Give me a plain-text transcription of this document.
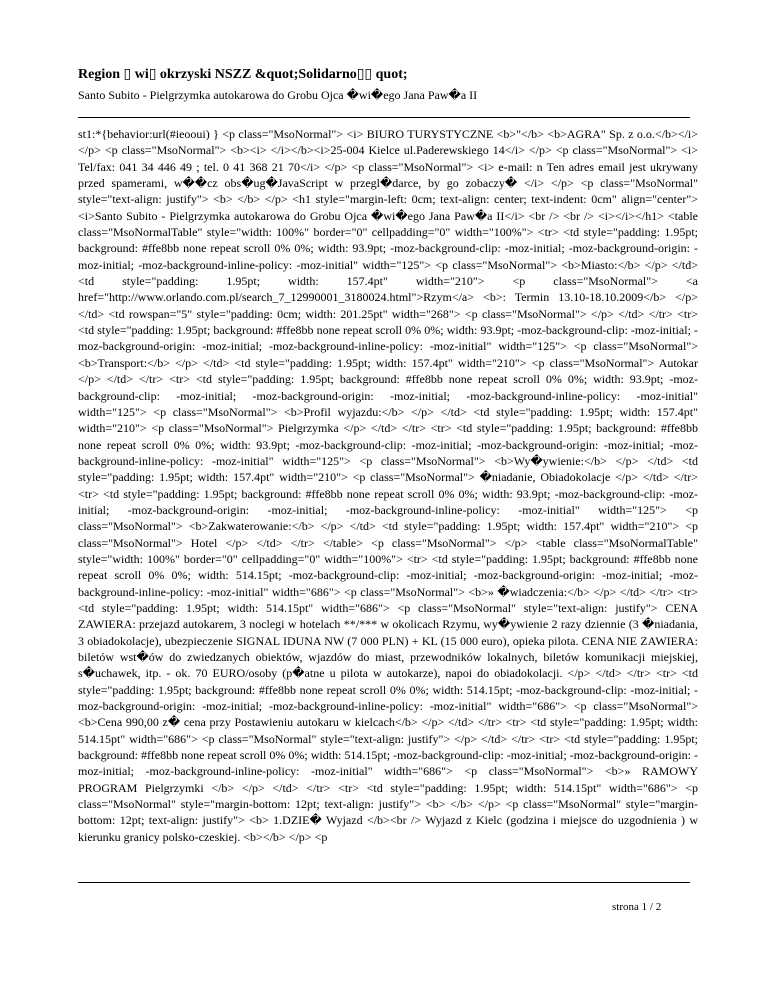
Region ▯ wi▯ okrzyski NSZZ &quot;Solidarno▯▯ quot;
Santo Subito - Pielgrzymka autokarowa do Grobu Ojca �wi�ego Jana Paw�a II
st1:*{behavior:url(#ieooui) } <p class="MsoNormal"> <i> BIURO TURYSTYCZNE <b>"</b> <b>AGRA" Sp. z o.o.</b></i> </p> <p class="MsoNormal"> <b><i> </i></b><i>25-004 Kielce ul.Paderewskiego 14</i> </p> <p class="MsoNormal"> <i> Tel/fax: 041 34 446 49 ; tel. 0 41 368 21 70</i> </p> <p class="MsoNormal"> <i> e-mail: n Ten adres email jest ukrywany przed spamerami, w��cz obs�ug�JavaScript w przegl�darce, by go zobaczy� </i> </p> <p class="MsoNormal" style="text-align: justify"> <b> </b> </p> <h1 style="margin-left: 0cm; text-align: center; text-indent: 0cm" align="center"><i>Santo Subito - Pielgrzymka autokarowa do Grobu Ojca �wi�ego Jana Paw�a II</i> <br /> <br /> <i></i></h1> <table class="MsoNormalTable" style="width: 100%" border="0" cellpadding="0" width="100%"> <tr> <td style="padding: 1.95pt; background: #ffe8bb none repeat scroll 0% 0%; width: 93.9pt; -moz-background-clip: -moz-initial; -moz-background-origin: -moz-initial; -moz-background-inline-policy: -moz-initial" width="125"> <p class="MsoNormal"> <b>Miasto:</b> </p> </td> <td style="padding: 1.95pt; width: 157.4pt" width="210"> <p class="MsoNormal"> <a href="http://www.orlando.com.pl/search_7_12990001_3180024.html">Rzym</a> <b>: Termin 13.10-18.10.2009</b> </p> </td> <td rowspan="5" style="padding: 0cm; width: 201.25pt" width="268"> <p class="MsoNormal"> </p> </td> </tr> <tr> <td style="padding: 1.95pt; background: #ffe8bb none repeat scroll 0% 0%; width: 93.9pt; -moz-background-clip: -moz-initial; -moz-background-origin: -moz-initial; -moz-background-inline-policy: -moz-initial" width="125"> <p class="MsoNormal"> <b>Transport:</b> </p> </td> <td style="padding: 1.95pt; width: 157.4pt" width="210"> <p class="MsoNormal"> Autokar </p> </td> </tr> <tr> <td style="padding: 1.95pt; background: #ffe8bb none repeat scroll 0% 0%; width: 93.9pt; -moz-background-clip: -moz-initial; -moz-background-origin: -moz-initial; -moz-background-inline-policy: -moz-initial" width="125"> <p class="MsoNormal"> <b>Profil wyjazdu:</b> </p> </td> <td style="padding: 1.95pt; width: 157.4pt" width="210"> <p class="MsoNormal"> Pielgrzymka </p> </td> </tr> <tr> <td style="padding: 1.95pt; background: #ffe8bb none repeat scroll 0% 0%; width: 93.9pt; -moz-background-clip: -moz-initial; -moz-background-origin: -moz-initial; -moz-background-inline-policy: -moz-initial" width="125"> <p class="MsoNormal"> <b>Wy�ywienie:</b> </p> </td> <td style="padding: 1.95pt; width: 157.4pt" width="210"> <p class="MsoNormal"> �niadanie, Obiadokolacje </p> </td> </tr> <tr> <td style="padding: 1.95pt; background: #ffe8bb none repeat scroll 0% 0%; width: 93.9pt; -moz-background-clip: -moz-initial; -moz-background-origin: -moz-initial; -moz-background-inline-policy: -moz-initial" width="125"> <p class="MsoNormal"> <b>Zakwaterowanie:</b> </p> </td> <td style="padding: 1.95pt; width: 157.4pt" width="210"> <p class="MsoNormal"> Hotel </p> </td> </tr> </table> <p class="MsoNormal"> </p> <table class="MsoNormalTable" style="width: 100%" border="0" cellpadding="0" width="100%"> <tr> <td style="padding: 1.95pt; background: #ffe8bb none repeat scroll 0% 0%; width: 514.15pt; -moz-background-clip: -moz-initial; -moz-background-origin: -moz-initial; -moz-background-inline-policy: -moz-initial" width="686"> <p class="MsoNormal"> <b>» �wiadczenia:</b> </p> </td> </tr> <tr> <td style="padding: 1.95pt; width: 514.15pt" width="686"> <p class="MsoNormal" style="text-align: justify"> CENA ZAWIERA: przejazd autokarem, 3 noclegi w hotelach **/*** w okolicach Rzymu, wy�ywienie 2 razy dziennie (3 �niadania, 3 obiadokolacje), ubezpieczenie SIGNAL IDUNA NW (7 000 PLN) + KL (15 000 euro), opieka pilota. CENA NIE ZAWIERA: biletów wst�ów do zwiedzanych obiektów, wjazdów do miast, przewodników lokalnych, biletów komunikacji miejskiej, s�uchawek, itp. - ok. 70 EURO/osoby (p�atne u pilota w autokarze), napoi do obiadokolacji. </p> </td> </tr> <tr> <td style="padding: 1.95pt; background: #ffe8bb none repeat scroll 0% 0%; width: 514.15pt; -moz-background-clip: -moz-initial; -moz-background-origin: -moz-initial; -moz-background-inline-policy: -moz-initial" width="686"> <p class="MsoNormal"> <b>Cena 990,00 z� cena przy Postawieniu autokaru w kielcach</b> </p> </td> </tr> <tr> <td style="padding: 1.95pt; width: 514.15pt" width="686"> <p class="MsoNormal" style="text-align: justify"> </p> </td> </tr> <tr> <td style="padding: 1.95pt; background: #ffe8bb none repeat scroll 0% 0%; width: 514.15pt; -moz-background-clip: -moz-initial; -moz-background-origin: -moz-initial; -moz-background-inline-policy: -moz-initial" width="686"> <p class="MsoNormal"> <b>» RAMOWY PROGRAM Pielgrzymki </b> </p> </td> </tr> <tr> <td style="padding: 1.95pt; width: 514.15pt" width="686"> <p class="MsoNormal" style="margin-bottom: 12pt; text-align: justify"> <b> </b> </p> <p class="MsoNormal" style="margin-bottom: 12pt; text-align: justify"> <b> 1.DZIE� Wyjazd </b><br /> Wyjazd z Kielc (godzina i miejsce do uzgodnienia ) w kierunku granicy polsko-czeskiej. <b></b> </p> <p
strona 1 / 2
